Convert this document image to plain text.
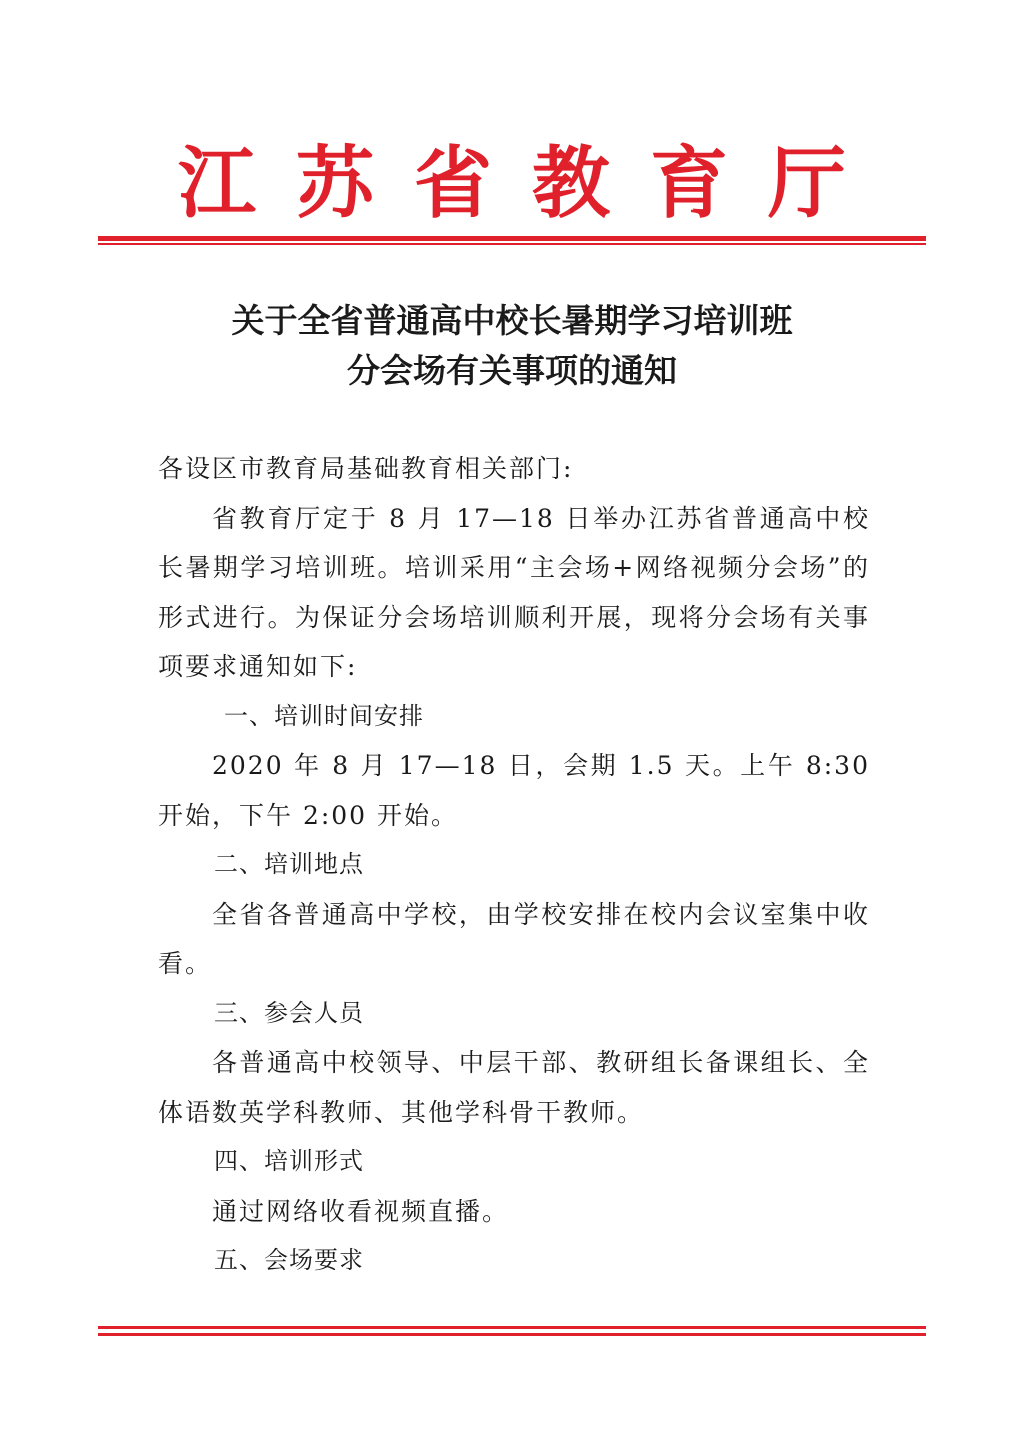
江 苏 省 教 育 厅
关于全省普通高中校长暑期学习培训班
分会场有关事项的通知

各设区市教育局基础教育相关部门:

省教育厅定于 8 月 17—18 日举办江苏省普通高中校长暑期学习培训班。培训采用“主会场+网络视频分会场”的形式进行。为保证分会场培训顺利开展，现将分会场有关事项要求通知如下:

一、培训时间安排

2020 年 8 月 17—18 日，会期 1.5 天。上午 8:30 开始，下午 2:00 开始。

二、培训地点

全省各普通高中学校，由学校安排在校内会议室集中收看。

三、参会人员

各普通高中校领导、中层干部、教研组长备课组长、全体语数英学科教师、其他学科骨干教师。

四、培训形式

通过网络收看视频直播。

五、会场要求
